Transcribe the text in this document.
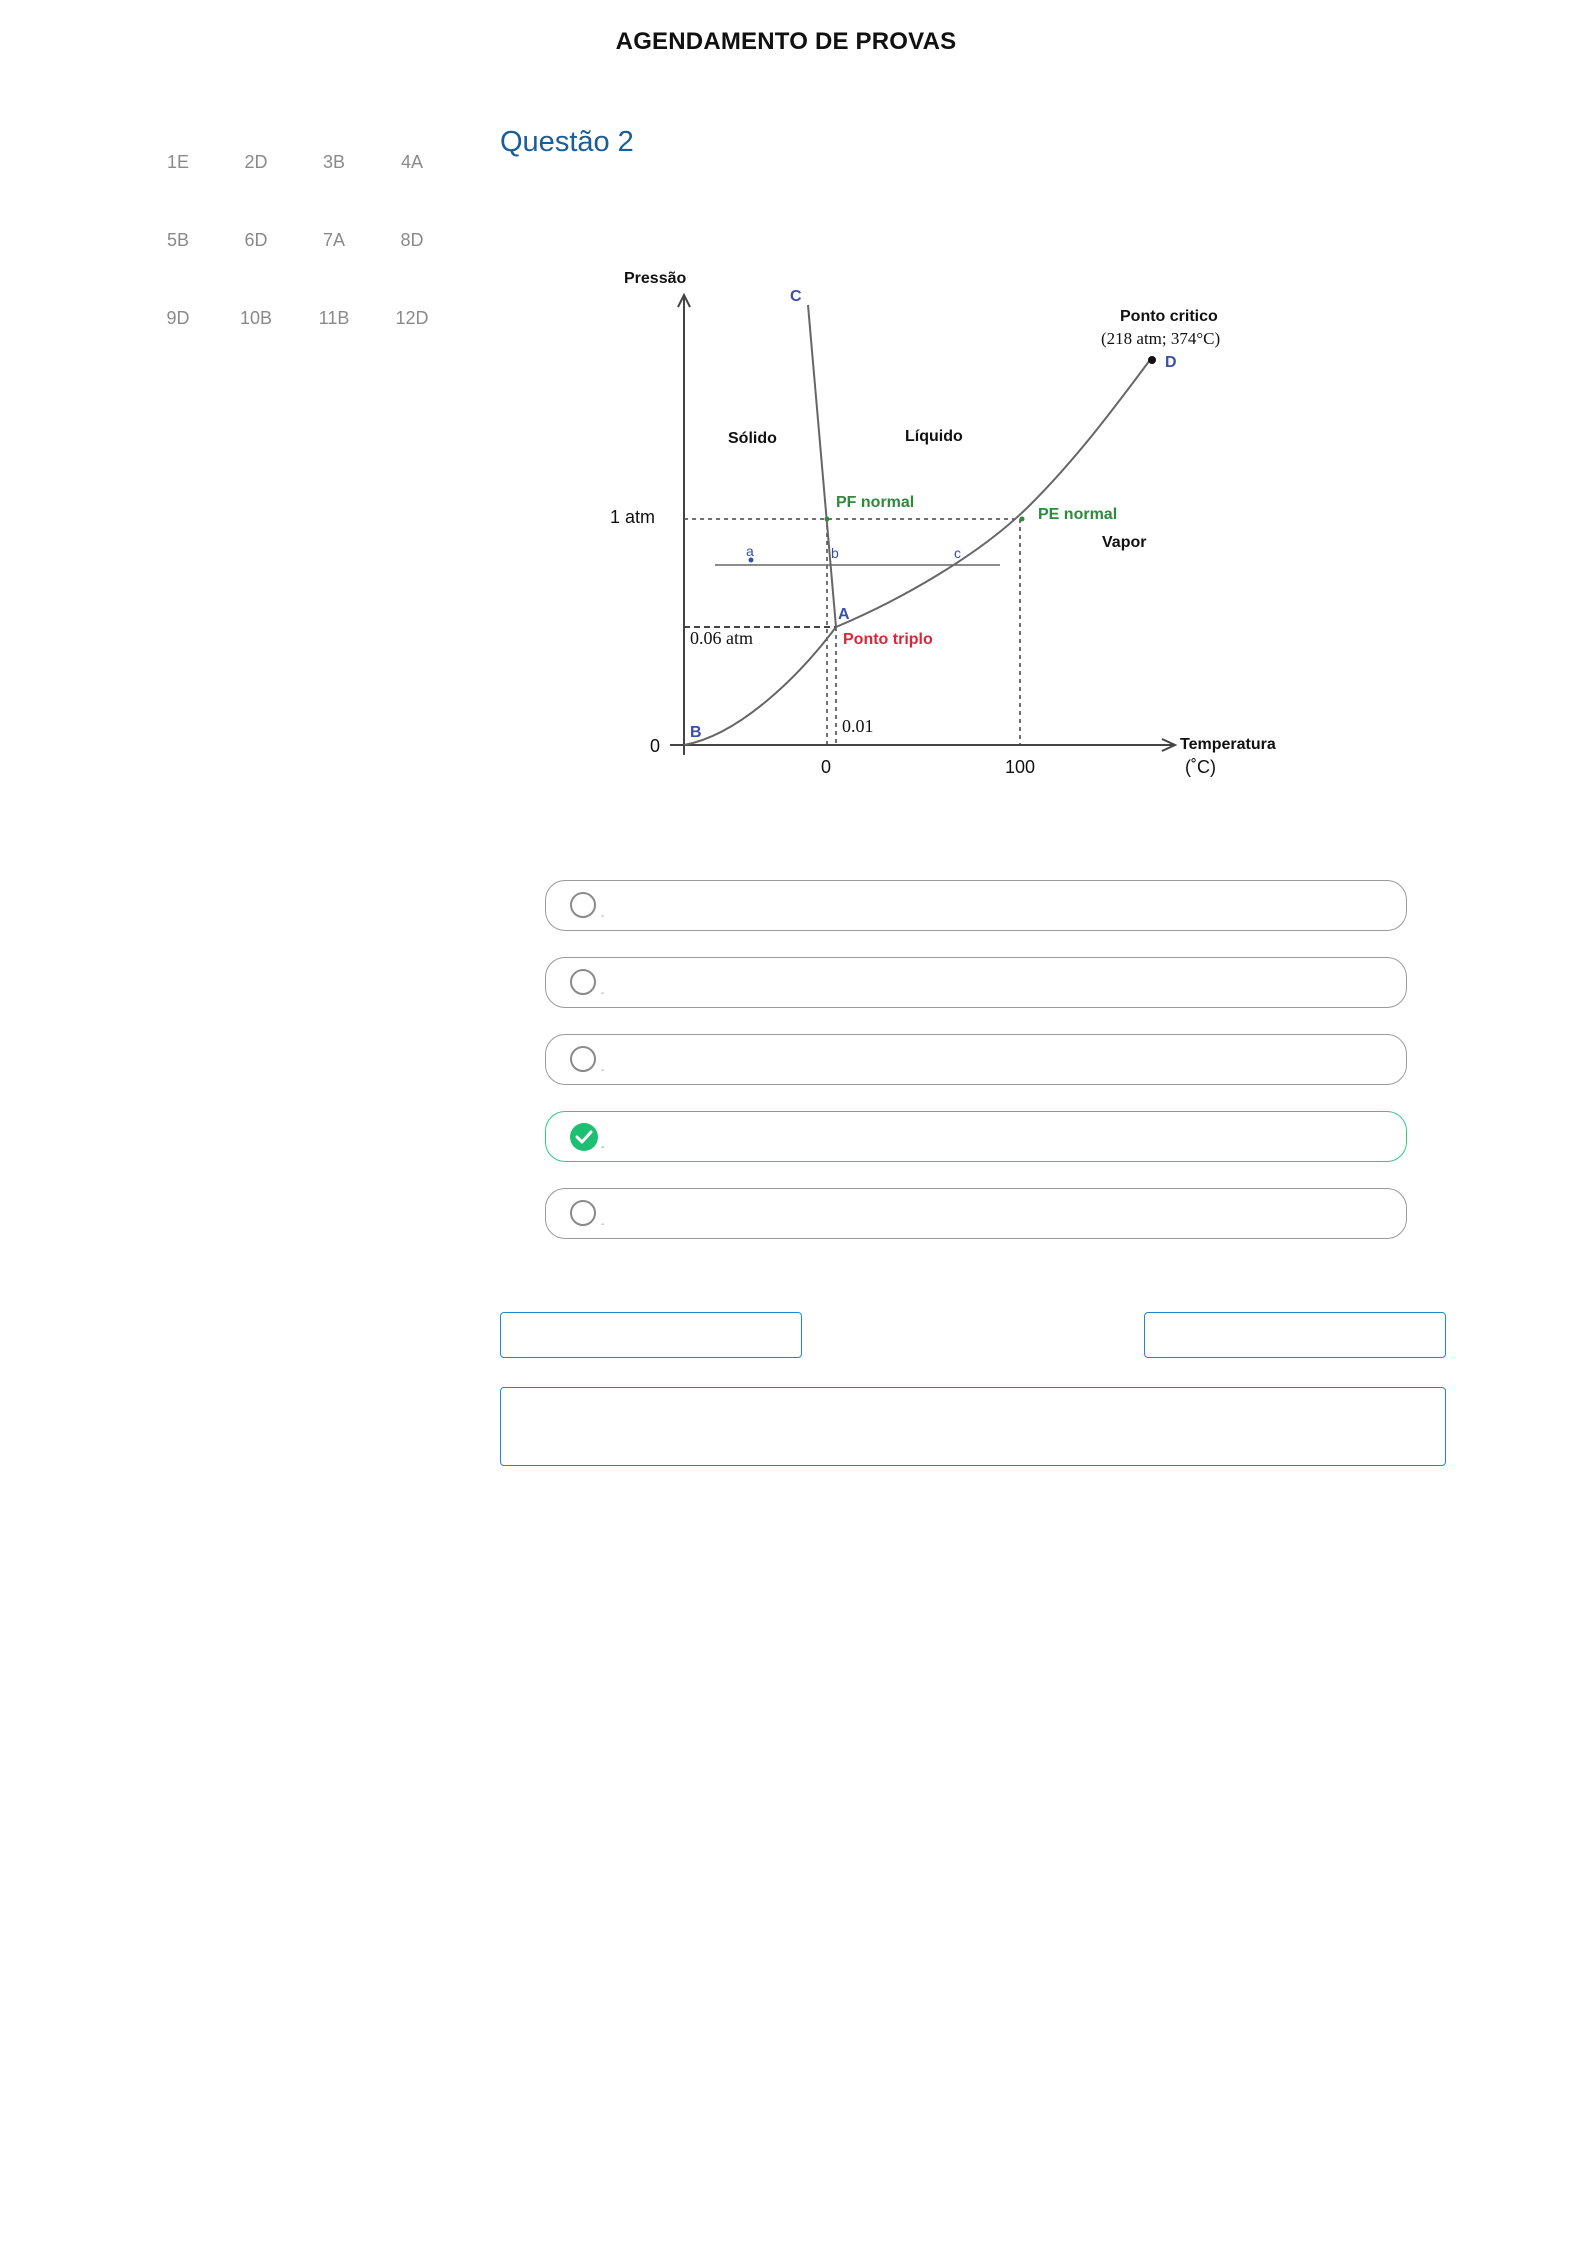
AGENDAMENTO DE PROVAS
1E	2D	3B	4A
5B	6D	7A	8D
9D	10B	11B	12D
Questão 2
Pressão
C
Ponto critico
(218 atm; 374°C)
D
Sólido	Líquido
PF normal
1 atm	PE normal
Vapor
a	b	c
A
0.06 atm	Ponto triplo
B	0.01
0
0	100
Temperatura
(˚C)
-
-
-
-
-
